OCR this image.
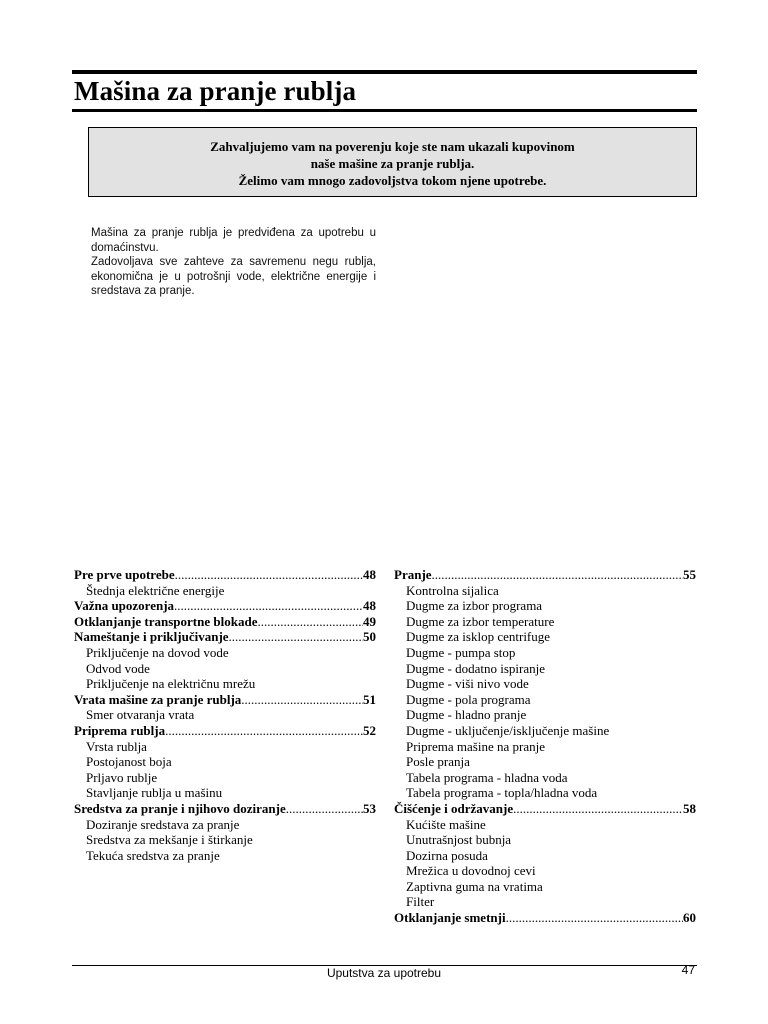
Mašina za pranje rublja
Zahvaljujemo vam na poverenju koje ste nam ukazali kupovinom
naše mašine za pranje rublja.
Želimo vam mnogo zadovoljstva tokom njene upotrebe.

Mašina za pranje rublja je predviđena za upotrebu u domaćinstvu.

Zadovoljava sve zahteve za savremenu negu rublja, ekonomična je u potrošnji vode, električne energije i sredstava za pranje.

Pre prve upotrebe .....	48
Štednja električne energije
Važna upozorenja .....	48
Otklanjanje transportne blokade .....	49
Nameštanje i priključivanje .....	50
Priključenje na dovod vode
Odvod vode
Priključenje na električnu mrežu
Vrata mašine za pranje rublja .....	51
Smer otvaranja vrata
Priprema rublja .....	52
Vrsta rublja
Postojanost boja
Prljavo rublje
Stavljanje rublja u mašinu
Sredstva za pranje i njihovo doziranje .....	53
Doziranje sredstava za pranje
Sredstva za mekšanje i štirkanje
Tekuća sredstva za pranje
Pranje .....	55
Kontrolna sijalica
Dugme za izbor programa
Dugme za izbor temperature
Dugme za isklop centrifuge
Dugme - pumpa stop
Dugme - dodatno ispiranje
Dugme - viši nivo vode
Dugme - pola programa
Dugme - hladno pranje
Dugme - uključenje/isključenje mašine
Priprema mašine na pranje
Posle pranja
Tabela programa - hladna voda
Tabela programa - topla/hladna voda
Čišćenje i održavanje .....	58
Kućište mašine
Unutrašnjost bubnja
Dozirna posuda
Mrežica u dovodnoj cevi
Zaptivna guma na vratima
Filter
Otklanjanje smetnji .....	60
Uputstva za upotrebu	47
